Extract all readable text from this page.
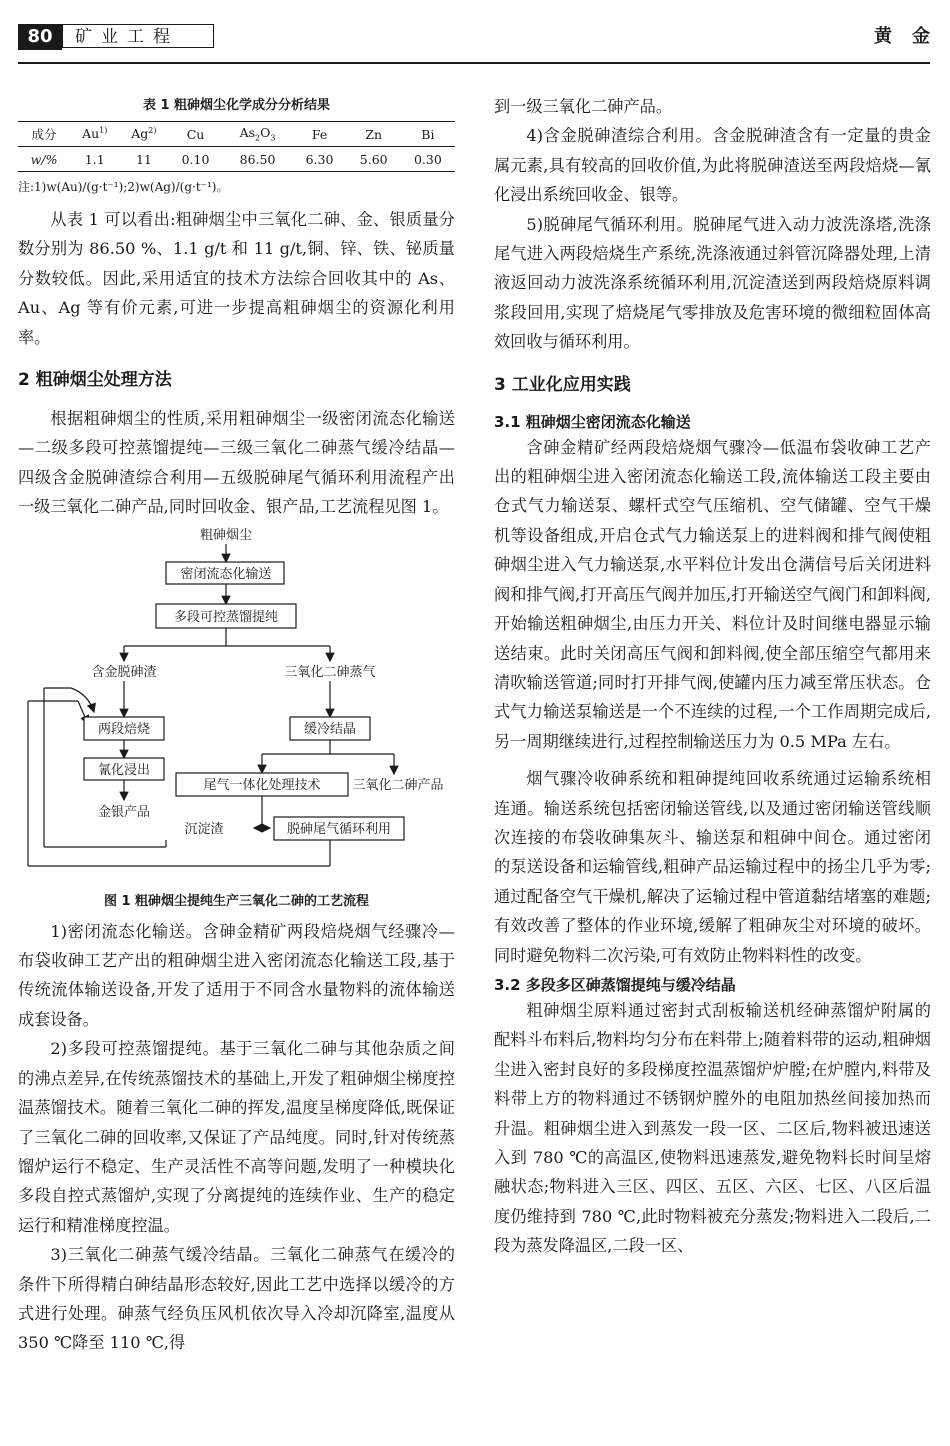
80	矿业工程	黄金
表 1 粗砷烟尘化学成分分析结果
成分	Au$^{1)}$	Ag$^{2)}$	Cu	$As_2O_3$	Fe	Zn	Bi
w/%	1.1	11	0.10	86.50	6.30	5.60	0.30
注:1)w(Au)/(g·t⁻¹);2)w(Ag)/(g·t⁻¹)。

从表 1 可以看出:粗砷烟尘中三氧化二砷、金、银质量分数分别为 86.50 %、1.1 g/t 和 11 g/t,铜、锌、铁、铋质量分数较低。因此,采用适宜的技术方法综合回收其中的 As、Au、Ag 等有价元素,可进一步提高粗砷烟尘的资源化利用率。

2 粗砷烟尘处理方法

根据粗砷烟尘的性质,采用粗砷烟尘一级密闭流态化输送—二级多段可控蒸馏提纯—三级三氧化二砷蒸气缓冷结晶—四级含金脱砷渣综合利用—五级脱砷尾气循环利用流程产出一级三氧化二砷产品,同时回收金、银产品,工艺流程见图 1。

粗砷烟尘
密闭流态化输送
多段可控蒸馏提纯
含金脱砷渣	三氧化二砷蒸气
两段焙烧	缓冷结晶
氰化浸出
金银产品
尾气一体化处理技术 三氧化二砷产品
沉淀渣	脱砷尾气循环利用
图 1 粗砷烟尘提纯生产三氧化二砷的工艺流程

1)密闭流态化输送。含砷金精矿两段焙烧烟气经骤冷—布袋收砷工艺产出的粗砷烟尘进入密闭流态化输送工段,基于传统流体输送设备,开发了适用于不同含水量物料的流体输送成套设备。

2)多段可控蒸馏提纯。基于三氧化二砷与其他杂质之间的沸点差异,在传统蒸馏技术的基础上,开发了粗砷烟尘梯度控温蒸馏技术。随着三氧化二砷的挥发,温度呈梯度降低,既保证了三氧化二砷的回收率,又保证了产品纯度。同时,针对传统蒸馏炉运行不稳定、生产灵活性不高等问题,发明了一种模块化多段自控式蒸馏炉,实现了分离提纯的连续作业、生产的稳定运行和精准梯度控温。

3)三氧化二砷蒸气缓冷结晶。三氧化二砷蒸气在缓冷的条件下所得精白砷结晶形态较好,因此工艺中选择以缓冷的方式进行处理。砷蒸气经负压风机依次导入冷却沉降室,温度从 350 ℃降至 110 ℃,得

到一级三氧化二砷产品。

4)含金脱砷渣综合利用。含金脱砷渣含有一定量的贵金属元素,具有较高的回收价值,为此将脱砷渣送至两段焙烧—氰化浸出系统回收金、银等。

5)脱砷尾气循环利用。脱砷尾气进入动力波洗涤塔,洗涤尾气进入两段焙烧生产系统,洗涤液通过斜管沉降器处理,上清液返回动力波洗涤系统循环利用,沉淀渣送到两段焙烧原料调浆段回用,实现了焙烧尾气零排放及危害环境的微细粒固体高效回收与循环利用。

3 工业化应用实践
3.1 粗砷烟尘密闭流态化输送

含砷金精矿经两段焙烧烟气骤冷—低温布袋收砷工艺产出的粗砷烟尘进入密闭流态化输送工段,流体输送工段主要由仓式气力输送泵、螺杆式空气压缩机、空气储罐、空气干燥机等设备组成,开启仓式气力输送泵上的进料阀和排气阀使粗砷烟尘进入气力输送泵,水平料位计发出仓满信号后关闭进料阀和排气阀,打开高压气阀并加压,打开输送空气阀门和卸料阀,开始输送粗砷烟尘,由压力开关、料位计及时间继电器显示输送结束。此时关闭高压气阀和卸料阀,使全部压缩空气都用来清吹输送管道;同时打开排气阀,使罐内压力减至常压状态。仓式气力输送泵输送是一个不连续的过程,一个工作周期完成后,另一周期继续进行,过程控制输送压力为 0.5 MPa 左右。

烟气骤冷收砷系统和粗砷提纯回收系统通过运输系统相连通。输送系统包括密闭输送管线,以及通过密闭输送管线顺次连接的布袋收砷集灰斗、输送泵和粗砷中间仓。通过密闭的泵送设备和运输管线,粗砷产品运输过程中的扬尘几乎为零;通过配备空气干燥机,解决了运输过程中管道黏结堵塞的难题;有效改善了整体的作业环境,缓解了粗砷灰尘对环境的破坏。同时避免物料二次污染,可有效防止物料料性的改变。

3.2 多段多区砷蒸馏提纯与缓冷结晶

粗砷烟尘原料通过密封式刮板输送机经砷蒸馏炉附属的配料斗布料后,物料均匀分布在料带上;随着料带的运动,粗砷烟尘进入密封良好的多段梯度控温蒸馏炉炉膛;在炉膛内,料带及料带上方的物料通过不锈钢炉膛外的电阻加热丝间接加热而升温。粗砷烟尘进入到蒸发一段一区、二区后,物料被迅速送入到 780 ℃的高温区,使物料迅速蒸发,避免物料长时间呈熔融状态;物料进入三区、四区、五区、六区、七区、八区后温度仍维持到 780 ℃,此时物料被充分蒸发;物料进入二段后,二段为蒸发降温区,二段一区、
